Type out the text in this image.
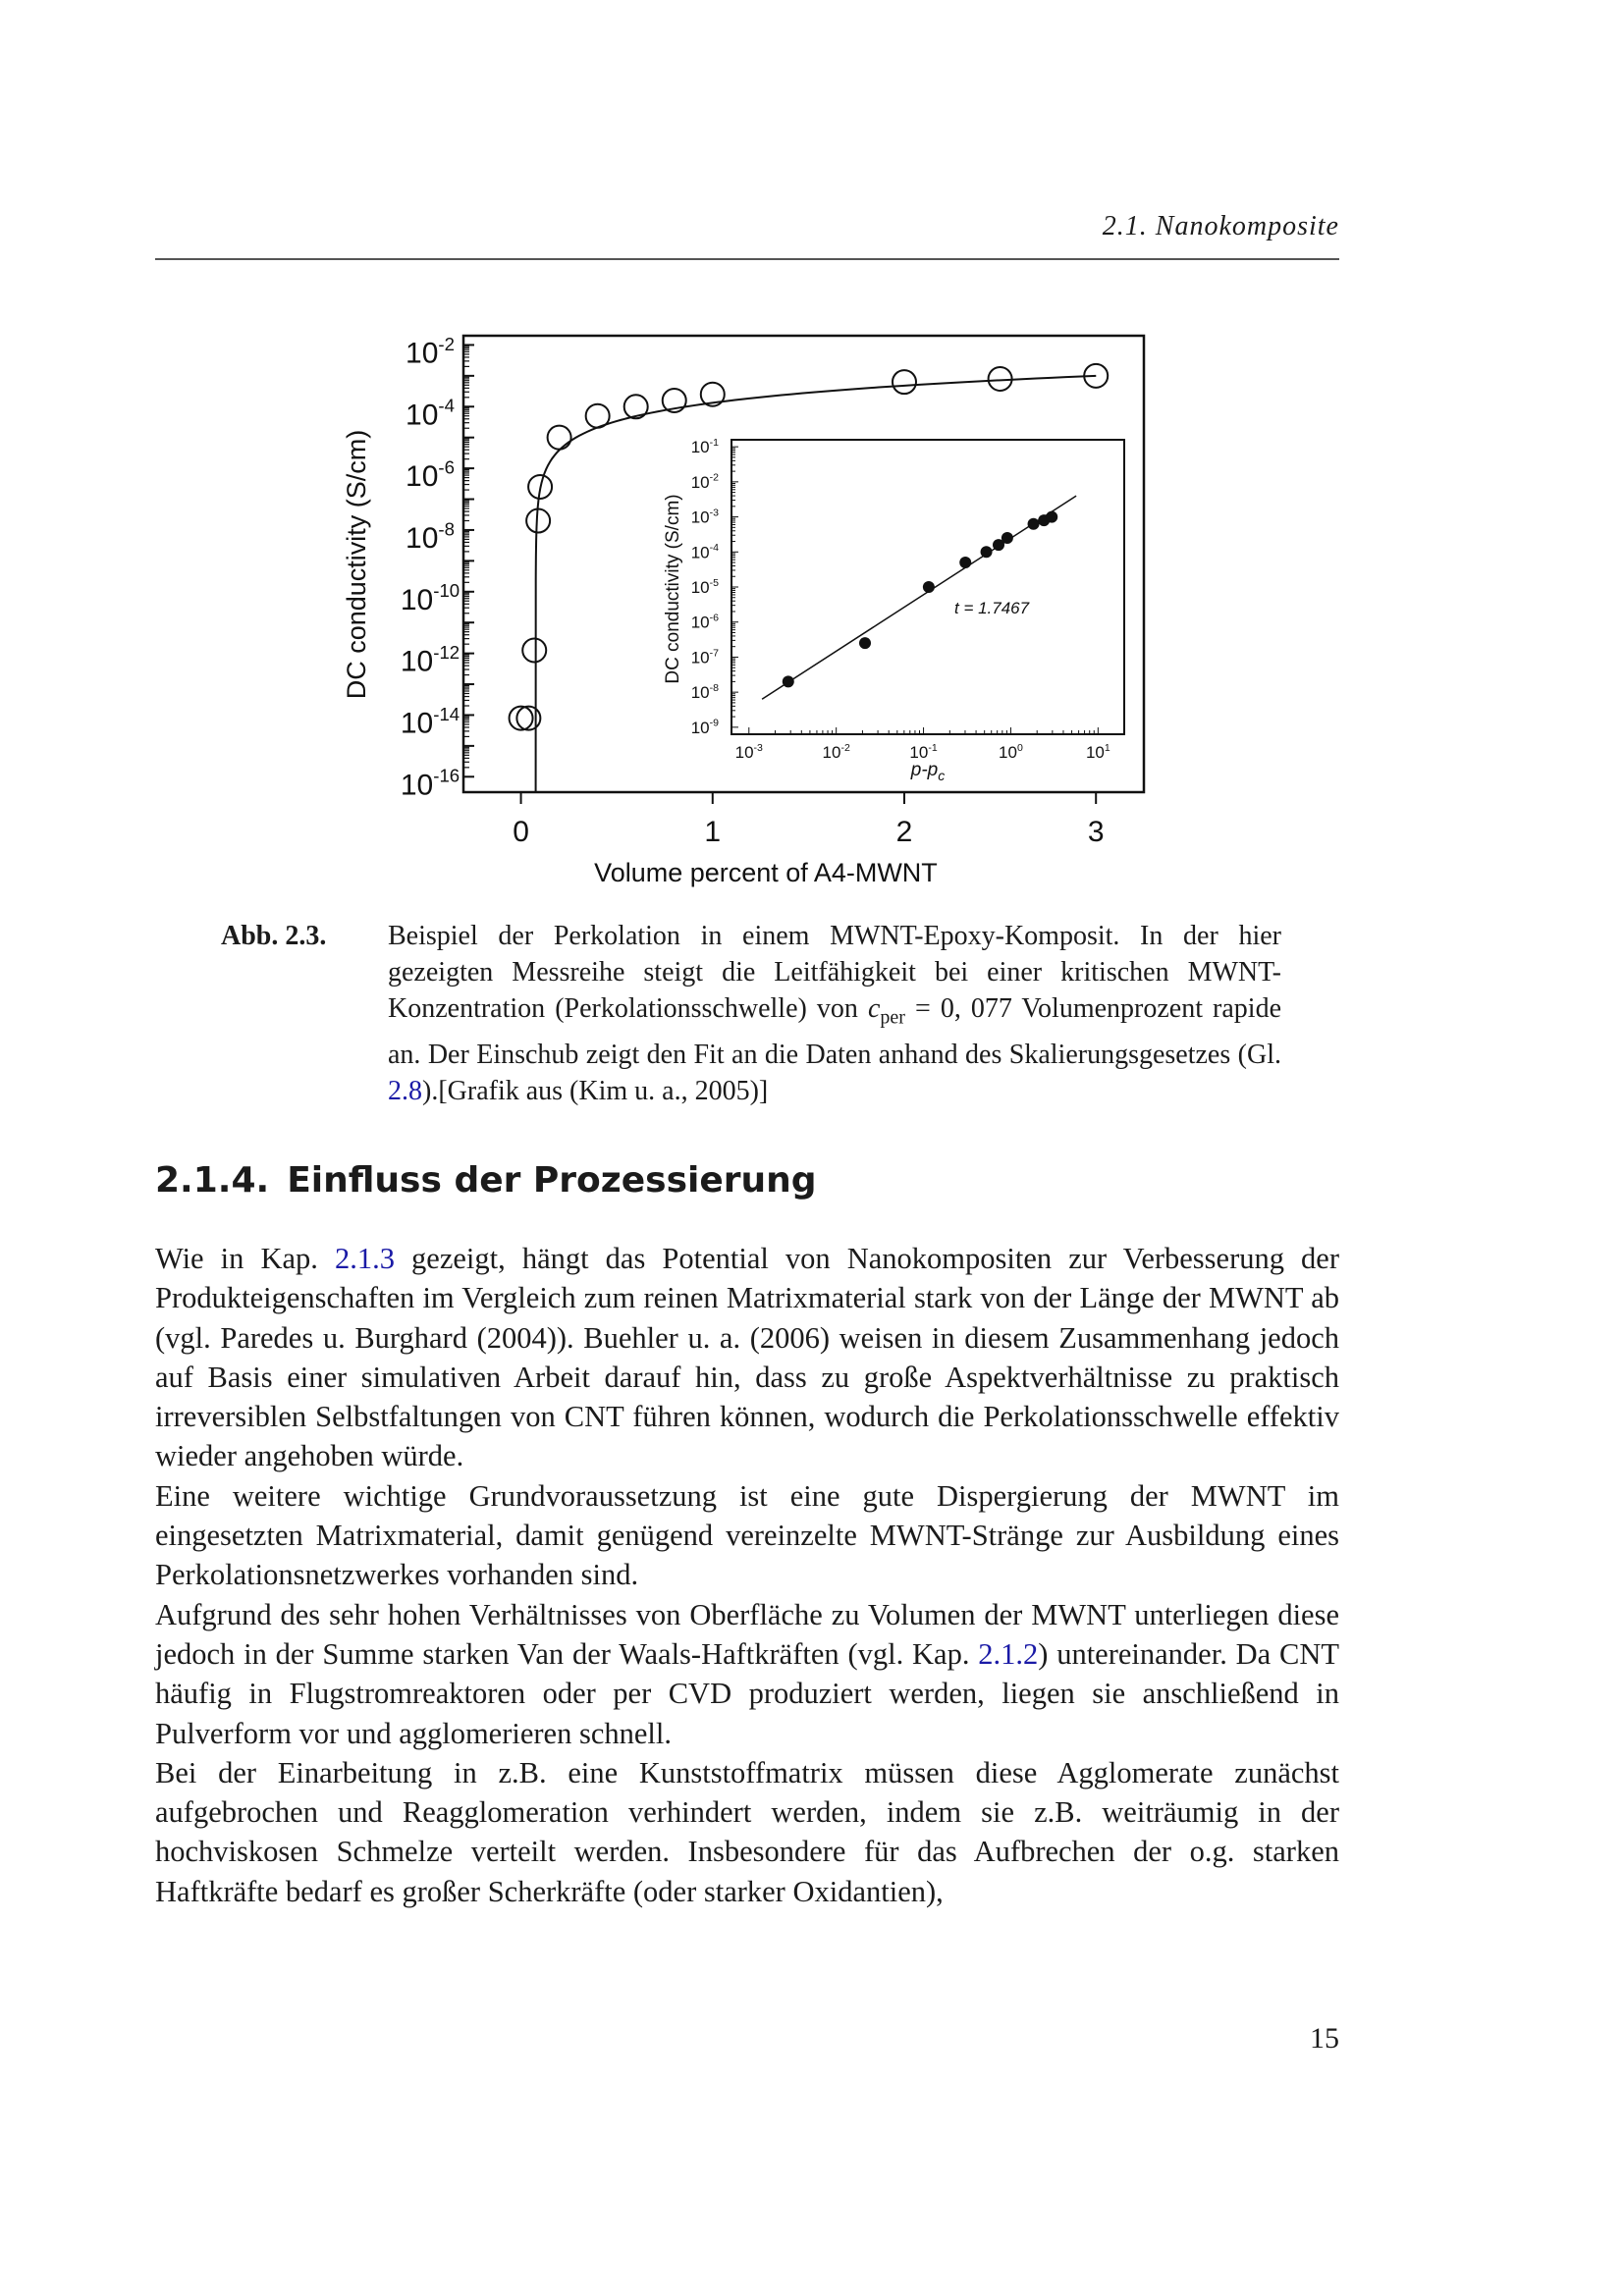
2.1. Nanokomposite
$10^{-2}$
$10^{-4}$
$10^{-6}$
$10^{-8}$
$10^{-10}$
$10^{-12}$
$10^{-14}$
$10^{-16}$
0	1	2	3
DC conductivity (S/cm)
Volume percent of A4-MWNT
$10^{-1}$
$10^{-2}$
$10^{-3}$
$10^{-4}$
$10^{-5}$
$10^{-6}$
$10^{-7}$
$10^{-8}$
$10^{-9}$
$10^{-3}$	$10^{-2}$	$10^{-1}$	$10^0$	$10^1$
t = 1.7467
DC conductivity (S/cm)
$p-p_c$
Abb. 2.3. Beispiel der Perkolation in einem MWNT-Epoxy-Komposit. In der hier gezeigten Messreihe steigt die Leitfähigkeit bei einer kritischen MWNT-Konzentration (Perkolationsschwelle) von $c_{per} = 0$, 077 Volumenprozent rapide an. Der Einschub zeigt den Fit an die Daten anhand des Skalierungsgesetzes (Gl. 2.8).[Grafik aus (Kim u. a., 2005)]
2.1.4. Einfluss der Prozessierung

Wie in Kap. 2.1.3 gezeigt, hängt das Potential von Nanokompositen zur Verbesserung der Produkteigenschaften im Vergleich zum reinen Matrixmaterial stark von der Länge der MWNT ab (vgl. Paredes u. Burghard (2004)). Buehler u. a. (2006) weisen in diesem Zusammenhang jedoch auf Basis einer simulativen Arbeit darauf hin, dass zu große Aspektverhältnisse zu praktisch irreversiblen Selbstfaltungen von CNT führen können, wodurch die Perkolationsschwelle effektiv wieder angehoben würde.

Eine weitere wichtige Grundvoraussetzung ist eine gute Dispergierung der MWNT im eingesetzten Matrixmaterial, damit genügend vereinzelte MWNT-Stränge zur Ausbildung eines Perkolationsnetzwerkes vorhanden sind.

Aufgrund des sehr hohen Verhältnisses von Oberfläche zu Volumen der MWNT unterliegen diese jedoch in der Summe starken Van der Waals-Haftkräften (vgl. Kap. 2.1.2) untereinander. Da CNT häufig in Flugstromreaktoren oder per CVD produziert werden, liegen sie anschließend in Pulverform vor und agglomerieren schnell.

Bei der Einarbeitung in z.B. eine Kunststoffmatrix müssen diese Agglomerate zunächst aufgebrochen und Reagglomeration verhindert werden, indem sie z.B. weiträumig in der hochviskosen Schmelze verteilt werden. Insbesondere für das Aufbrechen der o.g. starken Haftkräfte bedarf es großer Scherkräfte (oder starker Oxidantien),

15
